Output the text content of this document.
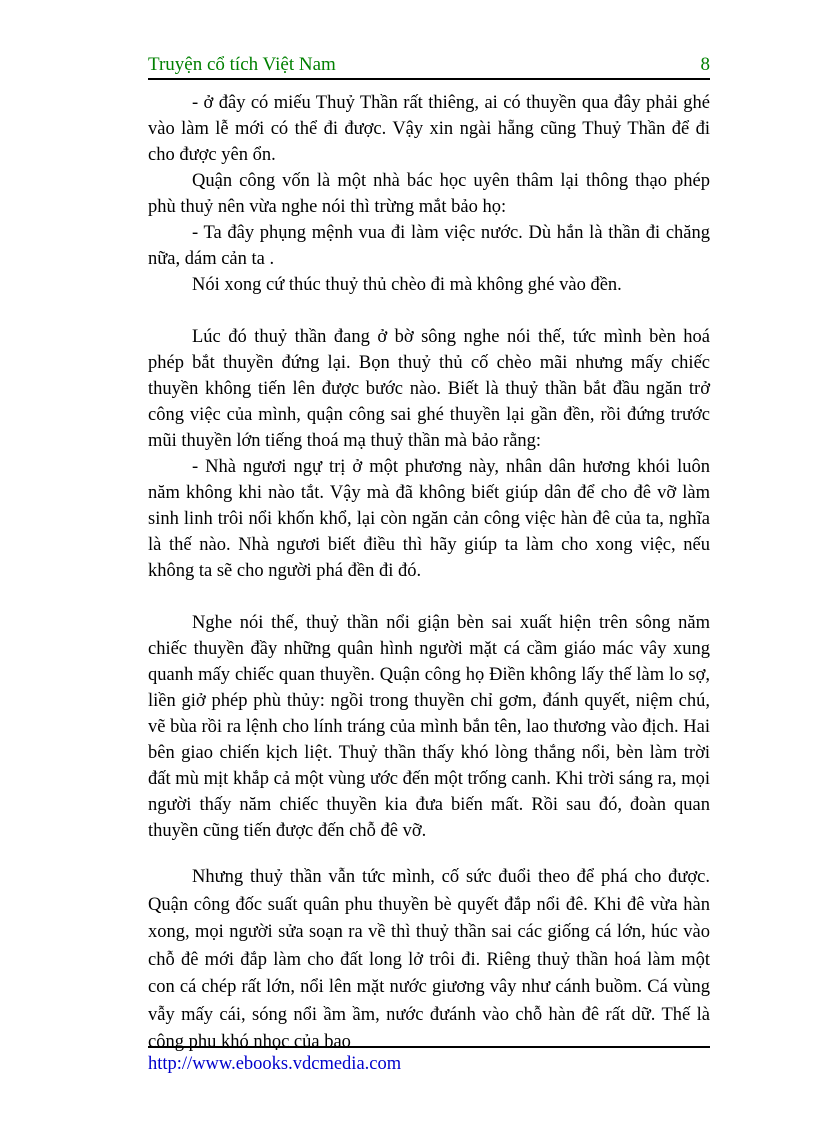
Truyện cổ tích Việt Nam	8

- ở đây có miếu Thuỷ Thần rất thiêng, ai có thuyền qua đây phải ghé vào làm lễ mới có thể đi được. Vậy xin ngài hẵng cũng Thuỷ Thần để đi cho được yên ổn.

Quận công vốn là một nhà bác học uyên thâm lại thông thạo phép phù thuỷ nên vừa nghe nói thì trừng mắt bảo họ:

- Ta đây phụng mệnh vua đi làm việc nước. Dù hắn là thần đi chăng nữa, dám cản ta .

Nói xong cứ thúc thuỷ thủ chèo đi mà không ghé vào đền.

Lúc đó thuỷ thần đang ở bờ sông nghe nói thế, tức mình bèn hoá phép bắt thuyền đứng lại. Bọn thuỷ thủ cố chèo mãi nhưng mấy chiếc thuyền không tiến lên được bước nào. Biết là thuỷ thần bắt đầu ngăn trở công việc của mình, quận công sai ghé thuyền lại gần đền, rồi đứng trước mũi thuyền lớn tiếng thoá mạ thuỷ thần mà bảo rằng:

- Nhà ngươi ngự trị ở một phương này, nhân dân hương khói luôn năm không khi nào tắt. Vậy mà đã không biết giúp dân để cho đê vỡ làm sinh linh trôi nổi khốn khổ, lại còn ngăn cản công việc hàn đê của ta, nghĩa là thế nào. Nhà ngươi biết điều thì hãy giúp ta làm cho xong việc, nếu không ta sẽ cho người phá đền đi đó.

Nghe nói thế, thuỷ thần nổi giận bèn sai xuất hiện trên sông năm chiếc thuyền đầy những quân hình người mặt cá cầm giáo mác vây xung quanh mấy chiếc quan thuyền. Quận công họ Điền không lấy thế làm lo sợ, liền giở phép phù thủy: ngồi trong thuyền chỉ gơm, đánh quyết, niệm chú, vẽ bùa rồi ra lệnh cho lính tráng của mình bắn tên, lao thương vào địch. Hai bên giao chiến kịch liệt. Thuỷ thần thấy khó lòng thắng nổi, bèn làm trời đất mù mịt khắp cả một vùng ước đến một trống canh. Khi trời sáng ra, mọi người thấy năm chiếc thuyền kia đưa biến mất. Rồi sau đó, đoàn quan thuyền cũng tiến được đến chỗ đê vỡ.

Nhưng thuỷ thần vẫn tức mình, cố sức đuổi theo để phá cho được. Quận công đốc suất quân phu thuyền bè quyết đắp nổi đê. Khi đê vừa hàn xong, mọi người sửa soạn ra về thì thuỷ thần sai các giống cá lớn, húc vào chỗ đê mới đắp làm cho đất long lở trôi đi. Riêng thuỷ thần hoá làm một con cá chép rất lớn, nổi lên mặt nước giương vây như cánh buồm. Cá vùng vẫy mấy cái, sóng nổi ầm ầm, nước đưánh vào chỗ hàn đê rất dữ. Thế là công phu khó nhọc của bao

http://www.ebooks.vdcmedia.com
